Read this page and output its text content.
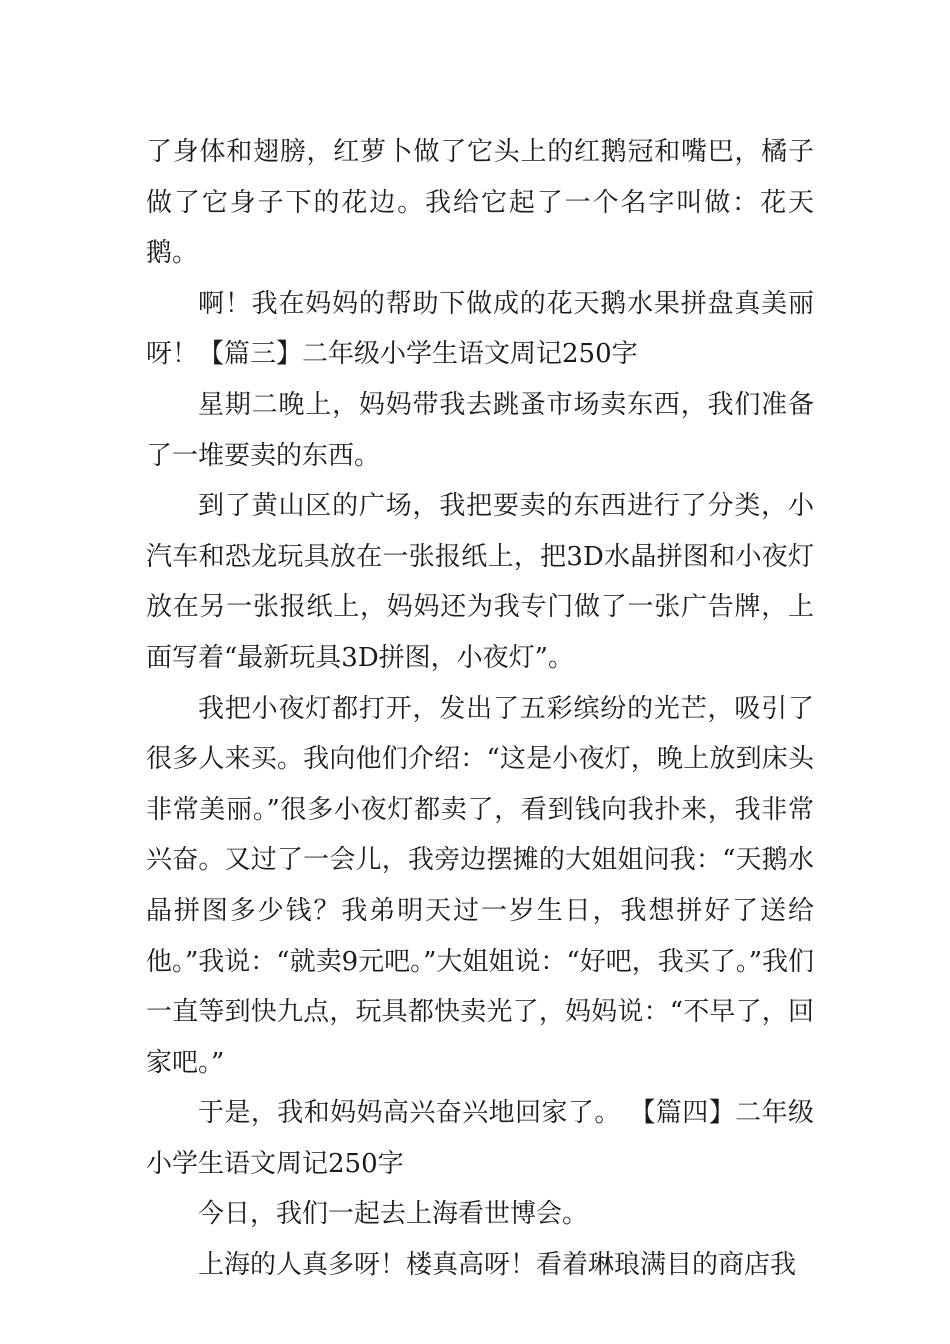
了身体和翅膀，红萝卜做了它头上的红鹅冠和嘴巴，橘子做了它身子下的花边。我给它起了一个名字叫做：花天鹅。

啊！我在妈妈的帮助下做成的花天鹅水果拼盘真美丽呀！【篇三】二年级小学生语文周记250字

星期二晚上，妈妈带我去跳蚤市场卖东西，我们准备了一堆要卖的东西。

到了黄山区的广场，我把要卖的东西进行了分类，小汽车和恐龙玩具放在一张报纸上，把3D水晶拼图和小夜灯放在另一张报纸上，妈妈还为我专门做了一张广告牌，上面写着“最新玩具3D拼图，小夜灯”。

我把小夜灯都打开，发出了五彩缤纷的光芒，吸引了很多人来买。我向他们介绍：“这是小夜灯，晚上放到床头非常美丽。”很多小夜灯都卖了，看到钱向我扑来，我非常兴奋。又过了一会儿，我旁边摆摊的大姐姐问我：“天鹅水晶拼图多少钱？我弟明天过一岁生日，我想拼好了送给他。”我说：“就卖9元吧。”大姐姐说：“好吧，我买了。”我们一直等到快九点，玩具都快卖光了，妈妈说：“不早了，回家吧。”

于是，我和妈妈高兴奋兴地回家了。 【篇四】二年级小学生语文周记250字

今日，我们一起去上海看世博会。

上海的人真多呀！楼真高呀！看着琳琅满目的商店我
